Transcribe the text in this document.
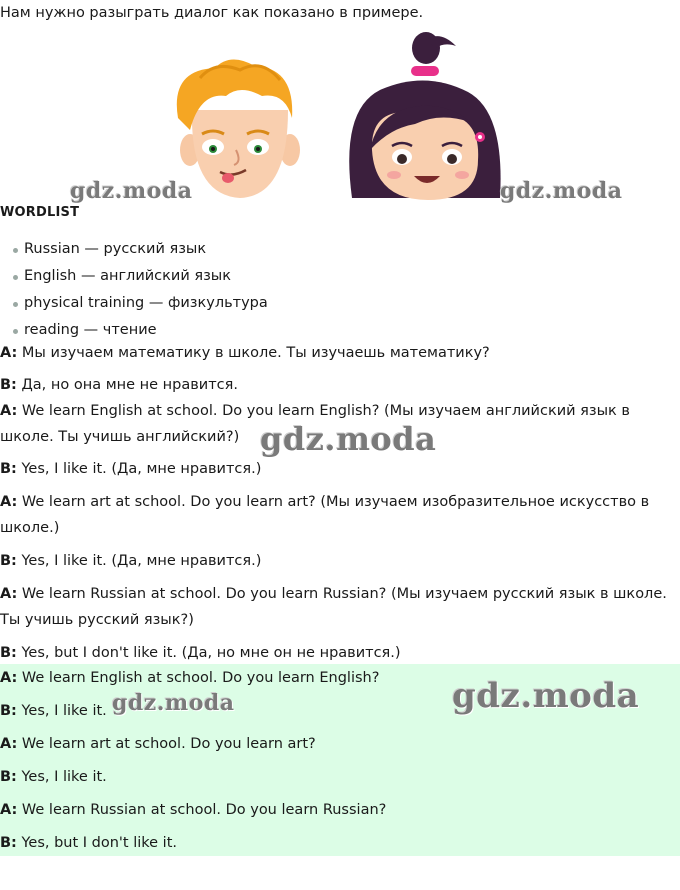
Нам нужно разыграть диалог как показано в примере.
gdz.moda	gdz.moda
WORDLIST
Russian — русский язык
English — английский язык
physical training — физкультура
reading — чтение
A: Мы изучаем математику в школе. Ты изучаешь математику?
B: Да, но она мне не нравится.
A: We learn English at school. Do you learn English? (Мы изучаем английский язык в школе. Ты учишь английский?)
B: Yes, I like it. (Да, мне нравится.)
A: We learn art at school. Do you learn art? (Мы изучаем изобразительное искусство в школе.)
B: Yes, I like it. (Да, мне нравится.)
A: We learn Russian at school. Do you learn Russian? (Мы изучаем русский язык в школе. Ты учишь русский язык?)
B: Yes, but I don't like it. (Да, но мне он не нравится.)
gdz.moda
A: We learn English at school. Do you learn English?
B: Yes, I like it.
A: We learn art at school. Do you learn art?
B: Yes, I like it.
A: We learn Russian at school. Do you learn Russian?
B: Yes, but I don't like it.
gdz.moda	gdz.moda
